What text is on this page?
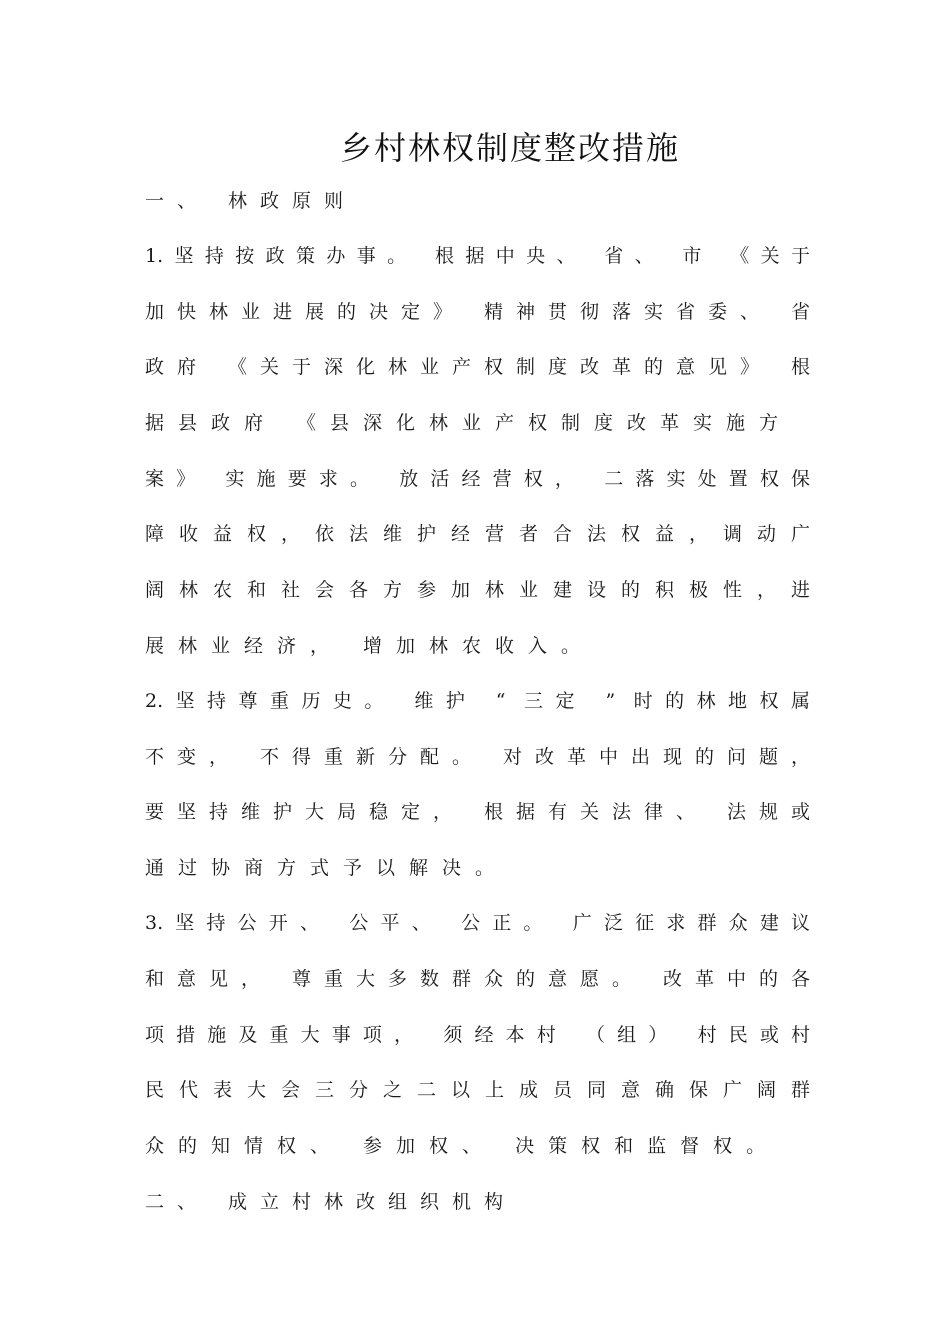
乡村林权制度整改措施
一、 林政原则
1.坚持按政策办事。 根据中央、 省、 市 《关于
加快林业进展的决定》 精神贯彻落实省委、 省
政府 《关于深化林业产权制度改革的意见》 根
据县政府 《县深化林业产权制度改革实施方
案》 实施要求。 放活经营权， 二落实处置权保
障收益权，依法维护经营者合法权益，调动广
阔林农和社会各方参加林业建设的积极性，进
展林业经济， 增加林农收入。
2.坚持尊重历史。 维护 “ 三定 ” 时的林地权属
不变， 不得重新分配。 对改革中出现的问题，
要坚持维护大局稳定， 根据有关法律、 法规或
通过协商方式予以解决。
3.坚持公开、 公平、 公正。 广泛征求群众建议
和意见， 尊重大多数群众的意愿。 改革中的各
项措施及重大事项， 须经本村 （组） 村民或村
民代表大会三分之二以上成员同意确保广阔群
众的知情权、 参加权、 决策权和监督权。
二、 成立村林改组织机构
